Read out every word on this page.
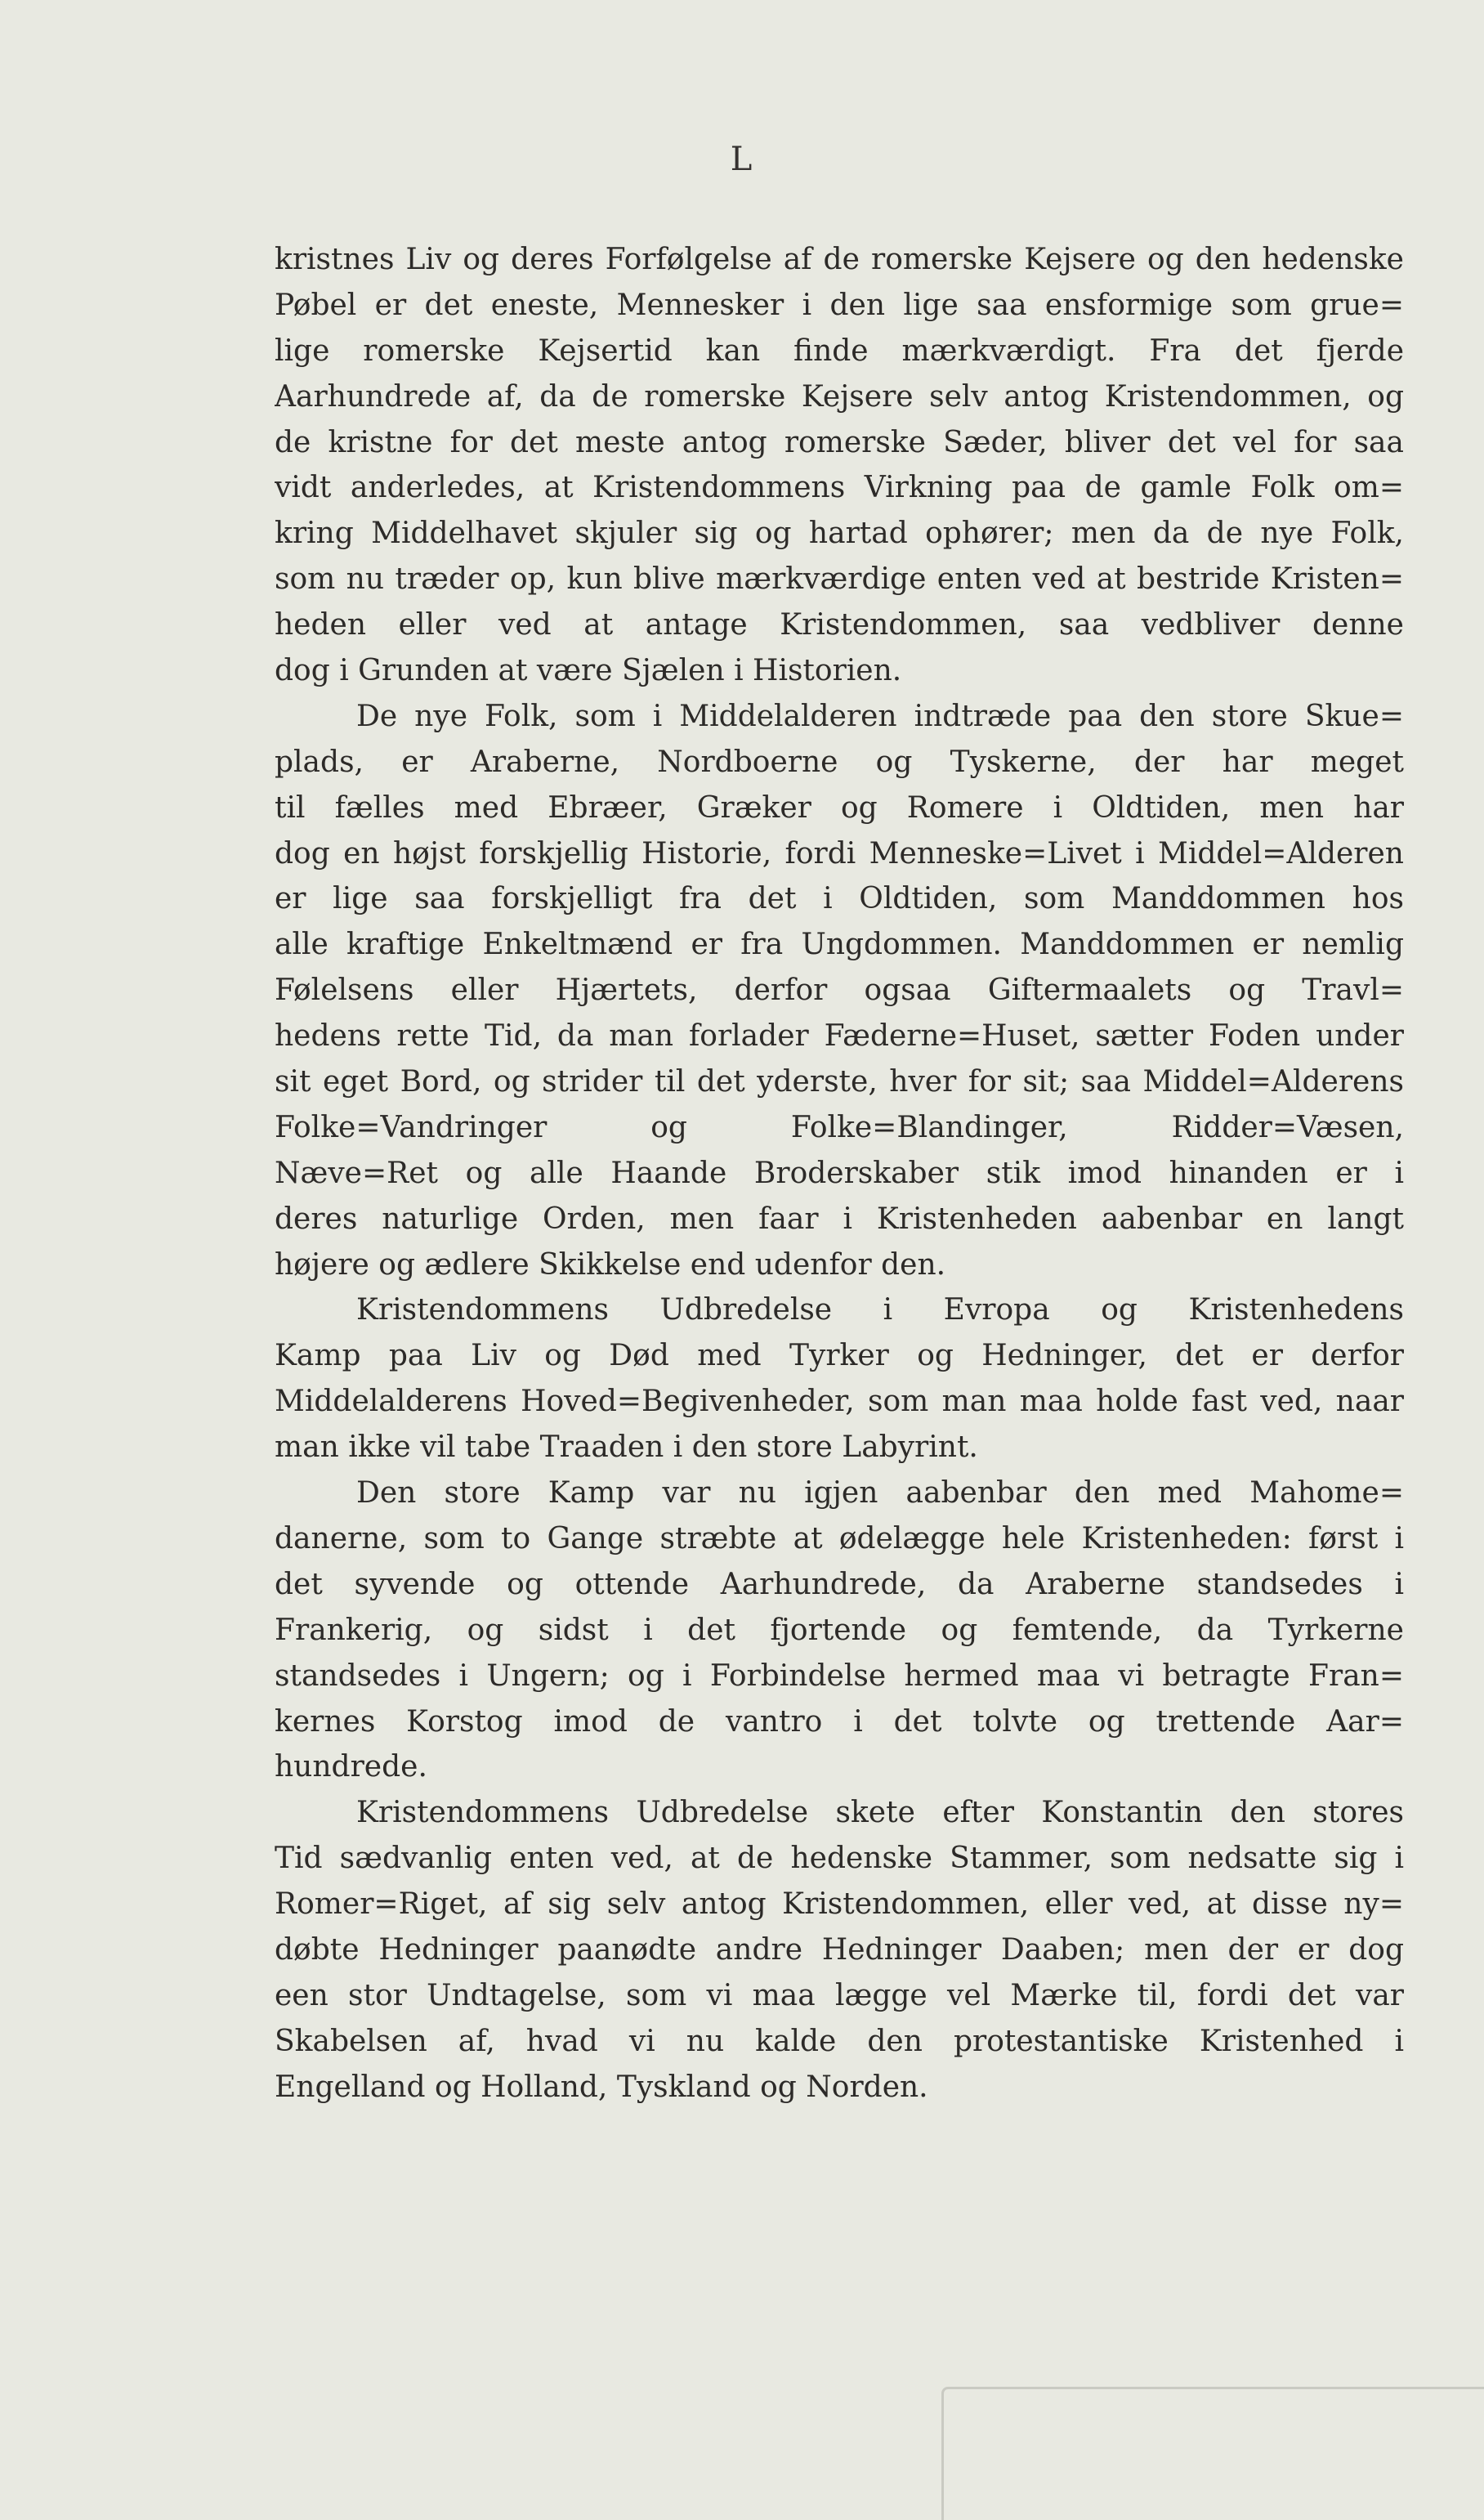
L
kristnes Liv og deres Forfølgelse af de romerske Kejsere og den hedenske
Pøbel er det eneste, Mennesker i den lige saa ensformige som grue=
lige romerske Kejsertid kan finde mærkværdigt. Fra det fjerde
Aarhundrede af, da de romerske Kejsere selv antog Kristendommen, og
de kristne for det meste antog romerske Sæder, bliver det vel for saa
vidt anderledes, at Kristendommens Virkning paa de gamle Folk om=
kring Middelhavet skjuler sig og hartad ophører; men da de nye Folk,
som nu træder op, kun blive mærkværdige enten ved at bestride Kristen=
heden eller ved at antage Kristendommen, saa vedbliver denne
dog i Grunden at være Sjælen i Historien.
De nye Folk, som i Middelalderen indtræde paa den store Skue=
plads, er Araberne, Nordboerne og Tyskerne, der har meget
til fælles med Ebræer, Græker og Romere i Oldtiden, men har
dog en højst forskjellig Historie, fordi Menneske=Livet i Middel=Alderen
er lige saa forskjelligt fra det i Oldtiden, som Manddommen hos
alle kraftige Enkeltmænd er fra Ungdommen. Manddommen er nemlig
Følelsens eller Hjærtets, derfor ogsaa Giftermaalets og Travl=
hedens rette Tid, da man forlader Fæderne=Huset, sætter Foden under
sit eget Bord, og strider til det yderste, hver for sit; saa Middel=Alderens
Folke=Vandringer og Folke=Blandinger, Ridder=Væsen,
Næve=Ret og alle Haande Broderskaber stik imod hinanden er i
deres naturlige Orden, men faar i Kristenheden aabenbar en langt
højere og ædlere Skikkelse end udenfor den.
Kristendommens Udbredelse i Evropa og Kristenhedens
Kamp paa Liv og Død med Tyrker og Hedninger, det er derfor
Middelalderens Hoved=Begivenheder, som man maa holde fast ved, naar
man ikke vil tabe Traaden i den store Labyrint.
Den store Kamp var nu igjen aabenbar den med Mahome=
danerne, som to Gange stræbte at ødelægge hele Kristenheden: først i
det syvende og ottende Aarhundrede, da Araberne standsedes i
Frankerig, og sidst i det fjortende og femtende, da Tyrkerne
standsedes i Ungern; og i Forbindelse hermed maa vi betragte Fran=
kernes Korstog imod de vantro i det tolvte og trettende Aar=
hundrede.
Kristendommens Udbredelse skete efter Konstantin den stores
Tid sædvanlig enten ved, at de hedenske Stammer, som nedsatte sig i
Romer=Riget, af sig selv antog Kristendommen, eller ved, at disse ny=
døbte Hedninger paanødte andre Hedninger Daaben; men der er dog
een stor Undtagelse, som vi maa lægge vel Mærke til, fordi det var
Skabelsen af, hvad vi nu kalde den protestantiske Kristenhed i
Engelland og Holland, Tyskland og Norden.
